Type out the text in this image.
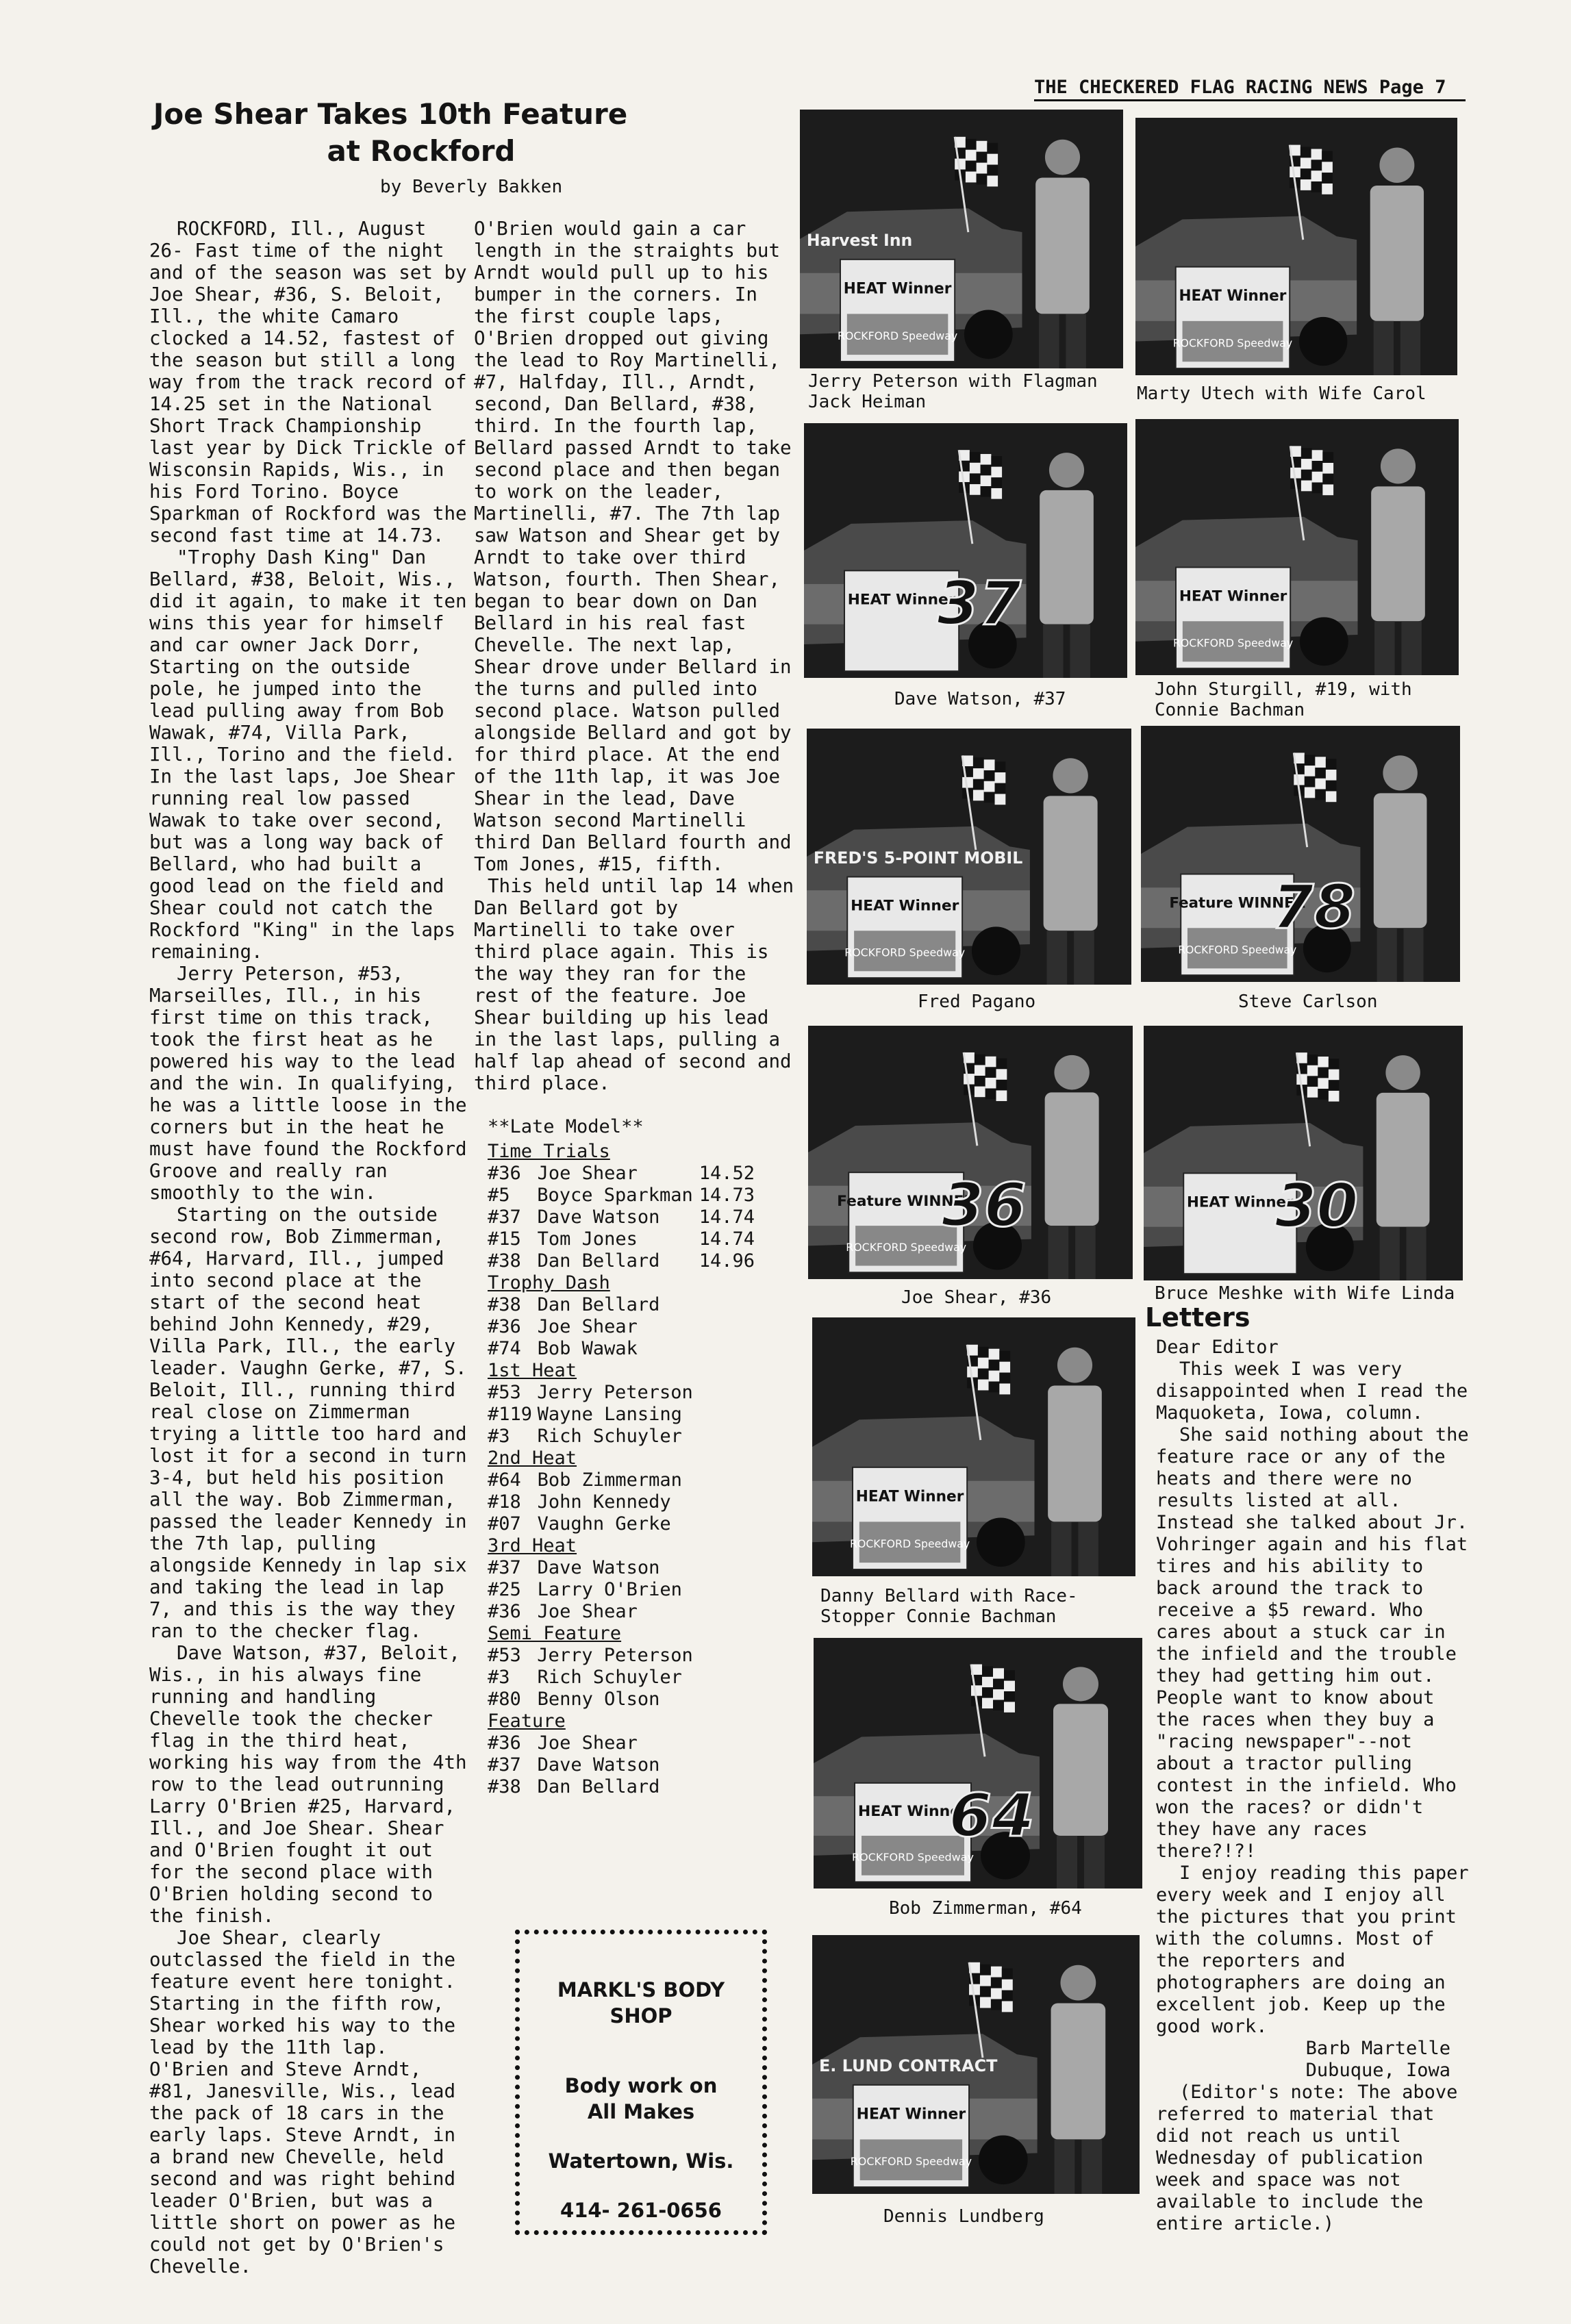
THE CHECKERED FLAG RACING NEWS Page 7
Joe Shear Takes 10th Feature
at Rockford
by Beverly Bakken

ROCKFORD, Ill., August 26- Fast time of the night and of the season was set by Joe Shear, #36, S. Beloit, Ill., the white Camaro clocked a 14.52, fastest of the season but still a long way from the track record of 14.25 set in the National Short Track Championship last year by Dick Trickle of Wisconsin Rapids, Wis., in his Ford Torino. Boyce Sparkman of Rockford was the second fast time at 14.73.

"Trophy Dash King" Dan Bellard, #38, Beloit, Wis., did it again, to make it ten wins this year for himself and car owner Jack Dorr, Starting on the outside pole, he jumped into the lead pulling away from Bob Wawak, #74, Villa Park, Ill., Torino and the field. In the last laps, Joe Shear running real low passed Wawak to take over second, but was a long way back of Bellard, who had built a good lead on the field and Shear could not catch the Rockford "King" in the laps remaining.

Jerry Peterson, #53, Marseilles, Ill., in his first time on this track, took the first heat as he powered his way to the lead and the win. In qualifying, he was a little loose in the corners but in the heat he must have found the Rockford Groove and really ran smoothly to the win.

Starting on the outside second row, Bob Zimmerman, #64, Harvard, Ill., jumped into second place at the start of the second heat behind John Kennedy, #29, Villa Park, Ill., the early leader. Vaughn Gerke, #7, S. Beloit, Ill., running third real close on Zimmerman trying a little too hard and lost it for a second in turn 3-4, but held his position all the way. Bob Zimmerman, passed the leader Kennedy in the 7th lap, pulling alongside Kennedy in lap six and taking the lead in lap 7, and this is the way they ran to the checker flag.

Dave Watson, #37, Beloit, Wis., in his always fine running and handling Chevelle took the checker flag in the third heat, working his way from the 4th row to the lead outrunning Larry O'Brien #25, Harvard, Ill., and Joe Shear. Shear and O'Brien fought it out for the second place with O'Brien holding second to the finish.

Joe Shear, clearly outclassed the field in the feature event here tonight. Starting in the fifth row, Shear worked his way to the lead by the 11th lap. O'Brien and Steve Arndt, #81, Janesville, Wis., lead the pack of 18 cars in the early laps. Steve Arndt, in a brand new Chevelle, held second and was right behind leader O'Brien, but was a little short on power as he could not get by O'Brien's Chevelle.

O'Brien would gain a car length in the straights but Arndt would pull up to his bumper in the corners. In the first couple laps, O'Brien dropped out giving the lead to Roy Martinelli, #7, Halfday, Ill., Arndt, second, Dan Bellard, #38, third. In the fourth lap, Bellard passed Arndt to take second place and then began to work on the leader, Martinelli, #7. The 7th lap saw Watson and Shear get by Arndt to take over third Watson, fourth. Then Shear, began to bear down on Dan Bellard in his real fast Chevelle. The next lap, Shear drove under Bellard in the turns and pulled into second place. Watson pulled alongside Bellard and got by for third place. At the end of the 11th lap, it was Joe Shear in the lead, Dave Watson second Martinelli third Dan Bellard fourth and Tom Jones, #15, fifth.

This held until lap 14 when Dan Bellard got by Martinelli to take over third place again. This is the way they ran for the rest of the feature. Joe Shear building up his lead in the last laps, pulling a half lap ahead of second and third place.

**Late Model**
Time Trials
#36 Joe Shear	14.52
#5	Boyce Sparkman 14.73
#37 Dave Watson	14.74
#15 Tom Jones	14.74
#38 Dan Bellard	14.96
Trophy Dash
#38 Dan Bellard
#36 Joe Shear
#74 Bob Wawak
1st Heat
#53 Jerry Peterson
#119 Wayne Lansing
#3	Rich Schuyler
2nd Heat
#64 Bob Zimmerman
#18 John Kennedy
#07 Vaughn Gerke
3rd Heat
#37 Dave Watson
#25 Larry O'Brien
#36 Joe Shear
Semi Feature
#53 Jerry Peterson
#3	Rich Schuyler
#80 Benny Olson
Feature
#36 Joe Shear
#37 Dave Watson
#38 Dan Bellard
MARKL'S BODY
SHOP
Body work on
All Makes
Watertown, Wis.
414- 261-0656
HEAT Winner
ROCKFORD Speedway
Harvest Inn
Jerry Peterson with Flagman
Jack Heiman
HEAT Winner
ROCKFORD Speedway
Marty Utech with Wife Carol
HEAT Winner
37
Dave Watson, #37
HEAT Winner
ROCKFORD Speedway
John Sturgill, #19, with
Connie Bachman
HEAT Winner
ROCKFORD Speedway
FRED'S 5-POINT MOBIL
Fred Pagano
Feature WINNER
ROCKFORD Speedway
78
Steve Carlson
Feature WINNER
ROCKFORD Speedway
36
Joe Shear, #36
HEAT Winner
30
Bruce Meshke with Wife Linda
HEAT Winner
ROCKFORD Speedway
Danny Bellard with Race-
Stopper Connie Bachman
HEAT Winner
ROCKFORD Speedway
64
Bob Zimmerman, #64
HEAT Winner
ROCKFORD Speedway
E. LUND CONTRACT
Dennis Lundberg
Letters

Dear Editor

This week I was very disappointed when I read the Maquoketa, Iowa, column.

She said nothing about the feature race or any of the heats and there were no results listed at all. Instead she talked about Jr. Vohringer again and his flat tires and his ability to back around the track to receive a $5 reward. Who cares about a stuck car in the infield and the trouble they had getting him out. People want to know about the races when they buy a "racing newspaper"--not about a tractor pulling contest in the infield. Who won the races? or didn't they have any races there?!?!

I enjoy reading this paper every week and I enjoy all the pictures that you print with the columns. Most of the reporters and photographers are doing an excellent job. Keep up the good work.

Barb Martelle

Dubuque, Iowa

(Editor's note: The above referred to material that did not reach us until Wednesday of publication week and space was not available to include the entire article.)
